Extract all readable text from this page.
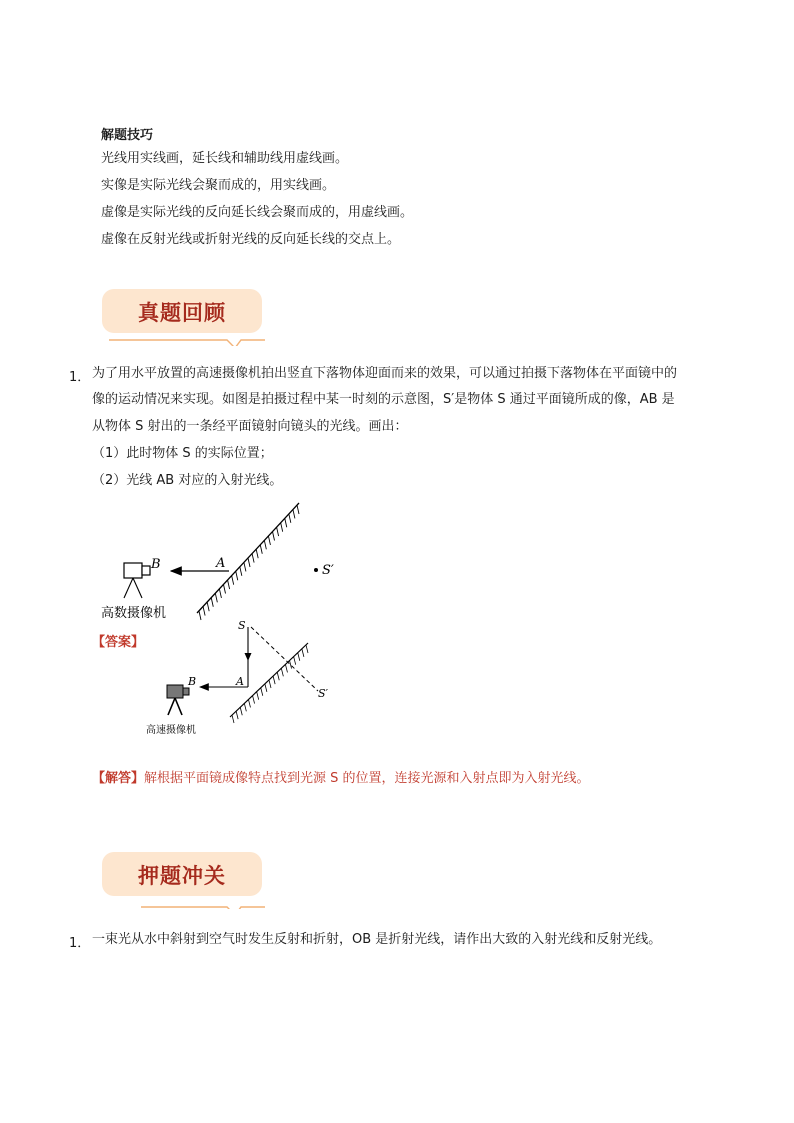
解题技巧
光线用实线画，延长线和辅助线用虚线画。
实像是实际光线会聚而成的，用实线画。
虚像是实际光线的反向延长线会聚而成的，用虚线画。
虚像在反射光线或折射光线的反向延长线的交点上。
真题回顾
1． 为了用水平放置的高速摄像机拍出竖直下落物体迎面而来的效果，可以通过拍摄下落物体在平面镜中的
像的运动情况来实现。如图是拍摄过程中某一时刻的示意图，S′是物体 S 通过平面镜所成的像，AB 是
从物体 S 射出的一条经平面镜射向镜头的光线。画出：
（1）此时物体 S 的实际位置；
（2）光线 AB 对应的入射光线。
A
B
高数摄像机
S′
【答案】
S
A
B
S′
高速摄像机
【解答】解根据平面镜成像特点找到光源 S 的位置，连接光源和入射点即为入射光线。
押题冲关
1． 一束光从水中斜射到空气时发生反射和折射，OB 是折射光线，请作出大致的入射光线和反射光线。
